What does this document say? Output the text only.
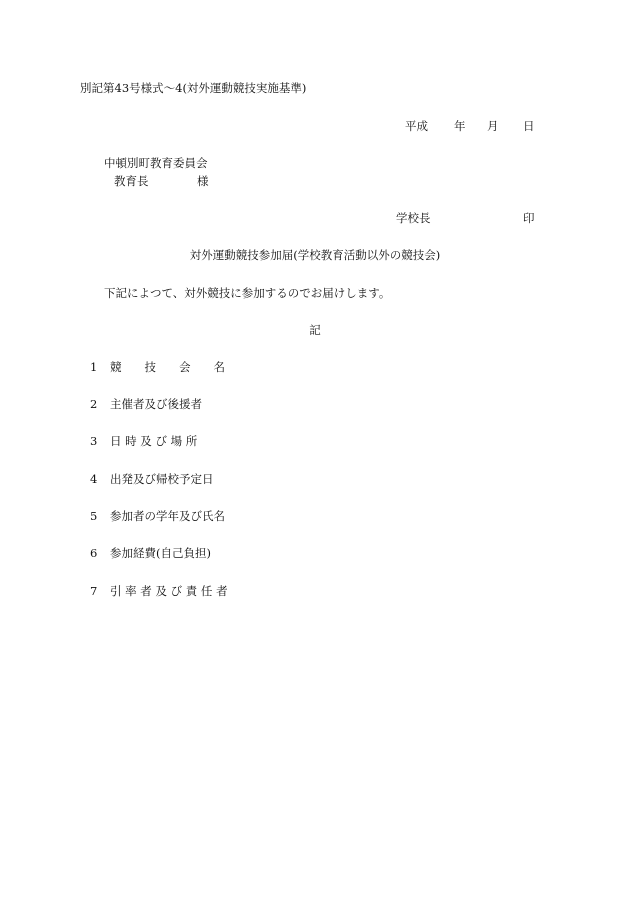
別記第43号様式〜4(対外運動競技実施基準)
平成 年 月 日
中頓別町教育委員会
教育長	様
学校長	印
対外運動競技参加届(学校教育活動以外の競技会)
下記によつて、対外競技に参加するのでお届けします。
記
1 競　　技　　会　　名
2 主催者及び後援者
3 日 時 及 び 場 所
4 出発及び帰校予定日
5 参加者の学年及び氏名
6 参加経費(自己負担)
7 引 率 者 及 び 責 任 者
